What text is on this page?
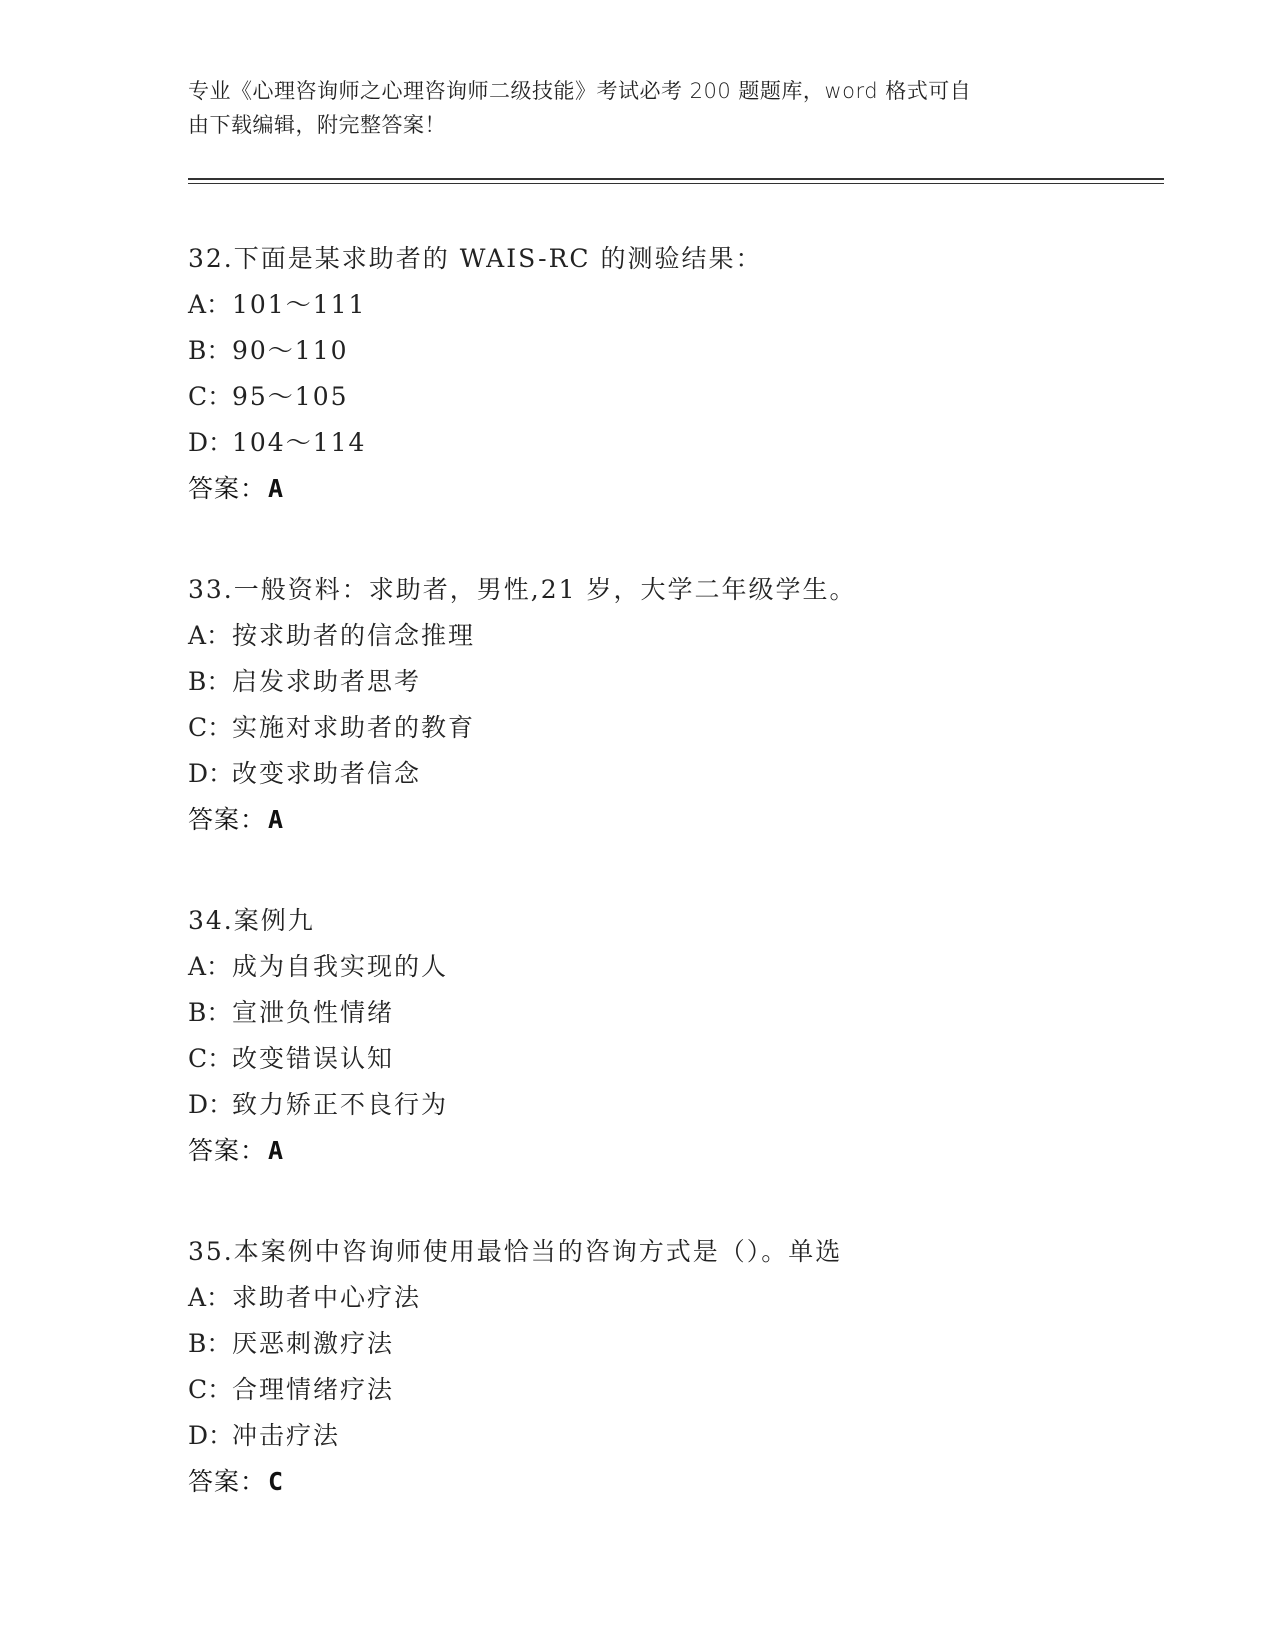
专业《心理咨询师之心理咨询师二级技能》考试必考 200 题题库，word 格式可自
由下载编辑，附完整答案！
32.下面是某求助者的 WAIS-RC 的测验结果：
A：101～111
B：90～110
C：95～105
D：104～114
答案：A
33.一般资料：求助者，男性,21 岁，大学二年级学生。
A：按求助者的信念推理
B：启发求助者思考
C：实施对求助者的教育
D：改变求助者信念
答案：A
34.案例九
A：成为自我实现的人
B：宣泄负性情绪
C：改变错误认知
D：致力矫正不良行为
答案：A
35.本案例中咨询师使用最恰当的咨询方式是（）。单选
A：求助者中心疗法
B：厌恶刺激疗法
C：合理情绪疗法
D：冲击疗法
答案：C
